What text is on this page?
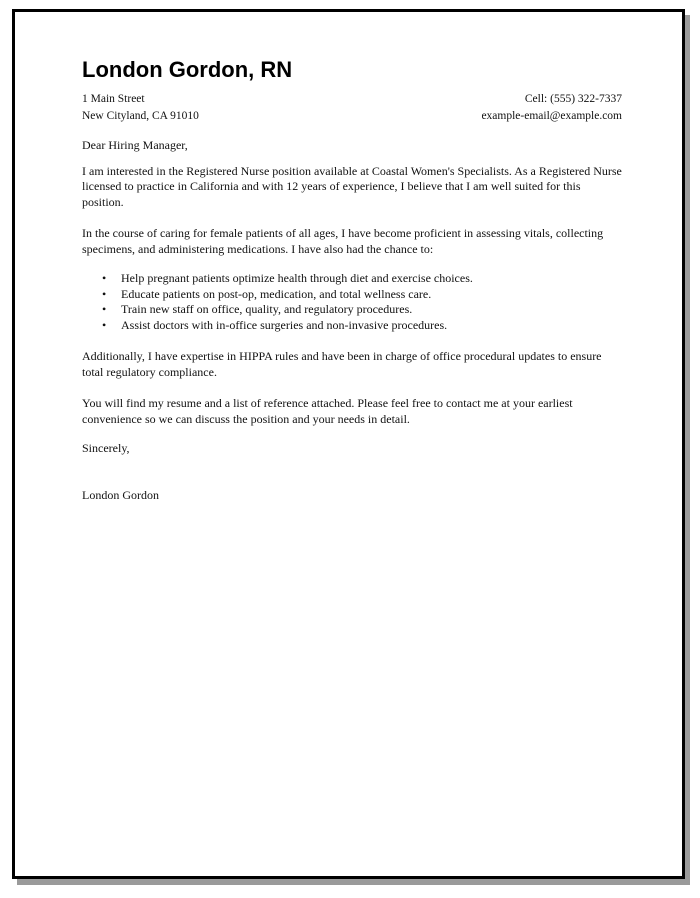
London Gordon, RN
1 Main Street
New Cityland, CA 91010
Cell: (555) 322-7337
example-email@example.com

Dear Hiring Manager,

I am interested in the Registered Nurse position available at Coastal Women's Specialists. As a Registered Nurse licensed to practice in California and with 12 years of experience, I believe that I am well suited for this position.

In the course of caring for female patients of all ages, I have become proficient in assessing vitals, collecting specimens, and administering medications. I have also had the chance to:

• Help pregnant patients optimize health through diet and exercise choices.
• Educate patients on post-op, medication, and total wellness care.
• Train new staff on office, quality, and regulatory procedures.
• Assist doctors with in-office surgeries and non-invasive procedures.

Additionally, I have expertise in HIPPA rules and have been in charge of office procedural updates to ensure total regulatory compliance.

You will find my resume and a list of reference attached. Please feel free to contact me at your earliest convenience so we can discuss the position and your needs in detail.

Sincerely,

London Gordon
